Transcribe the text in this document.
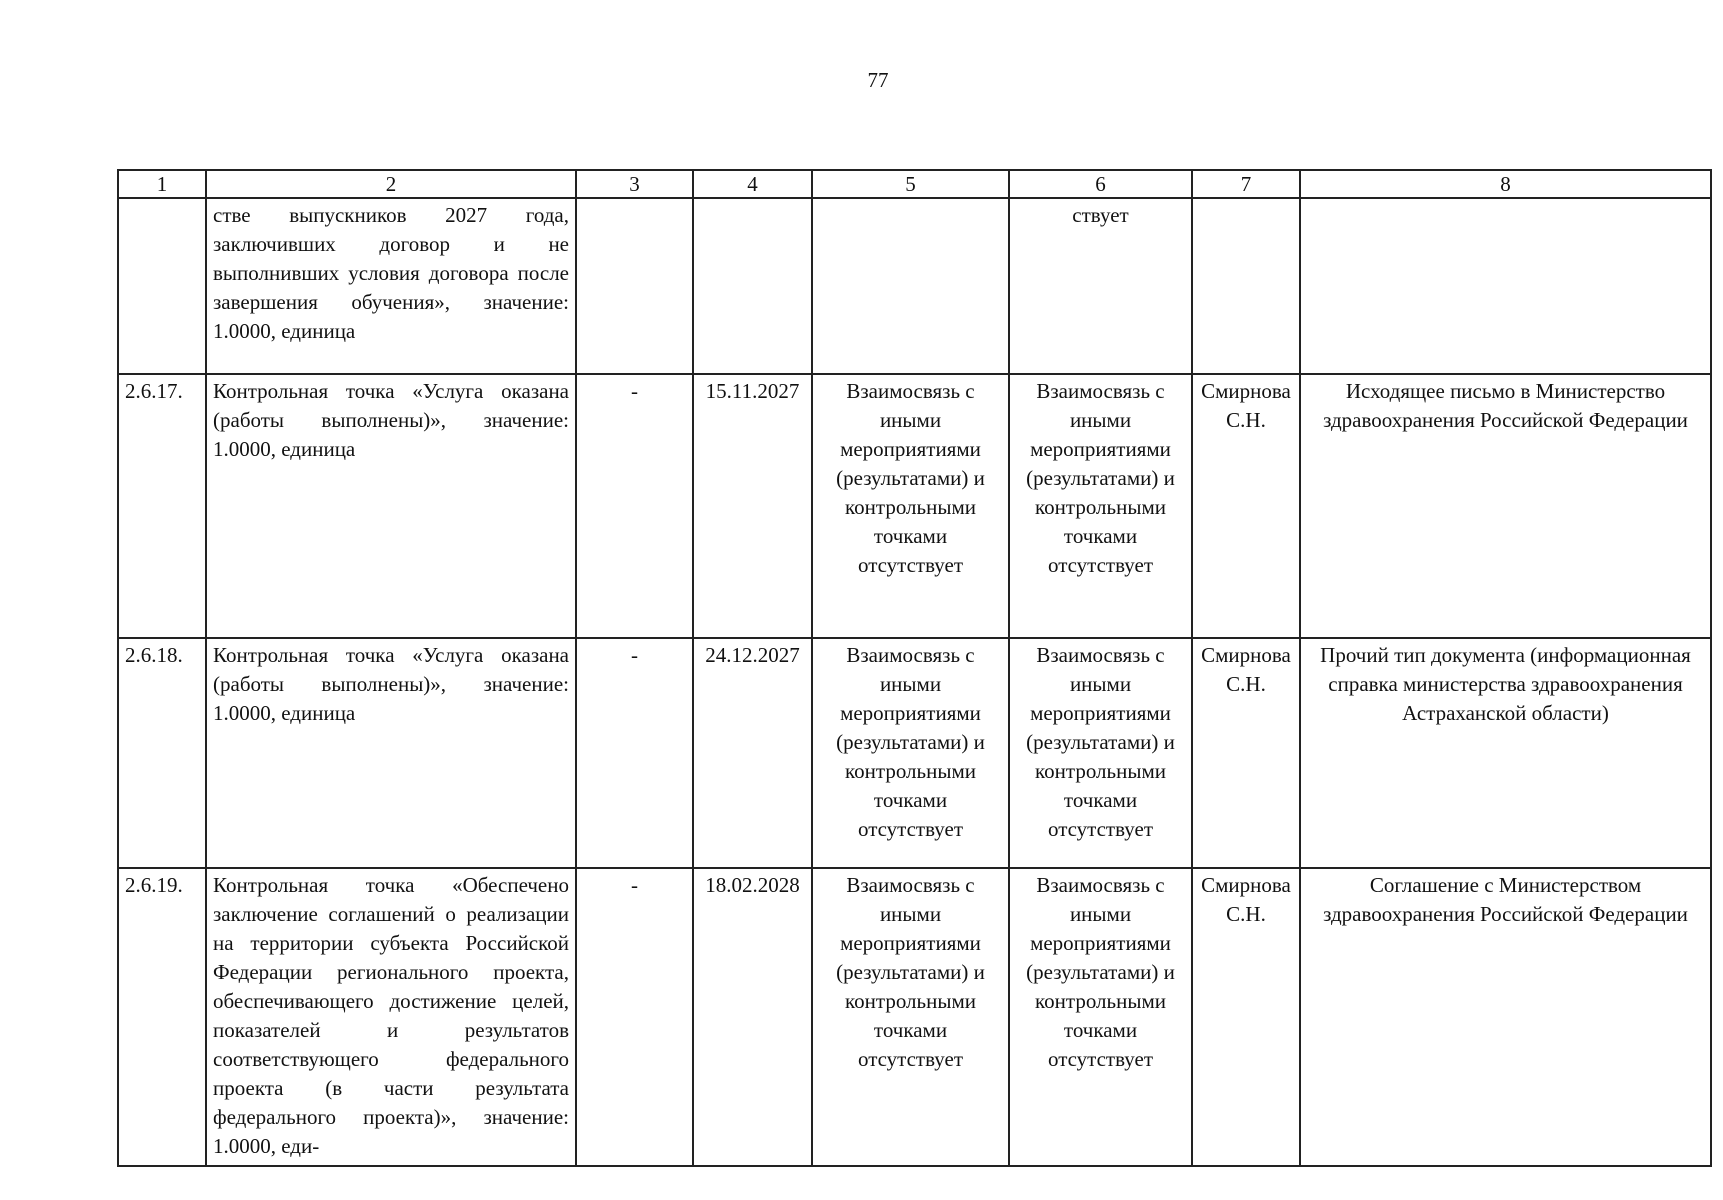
77
1	2	3	4	5	6	7	8
	стве выпускников 2027 года, заключивших договор и не выполнивших условия договора после завершения обучения», значение: 1.0000, единица				ствует		
2.6.17.	Контрольная точка «Услуга оказана (работы выполнены)», значение: 1.0000, единица	-	15.11.2027	Взаимосвязь с иными мероприятиями (результатами) и контрольными точками отсутствует	Взаимосвязь с иными мероприятиями (результатами) и контрольными точками отсутствует	Смирнова С.Н.	Исходящее письмо в Министерство здравоохранения Российской Федерации
2.6.18.	Контрольная точка «Услуга оказана (работы выполнены)», значение: 1.0000, единица	-	24.12.2027	Взаимосвязь с иными мероприятиями (результатами) и контрольными точками отсутствует	Взаимосвязь с иными мероприятиями (результатами) и контрольными точками отсутствует	Смирнова С.Н.	Прочий тип документа (информационная справка министерства здравоохранения Астраханской области)
2.6.19.	Контрольная точка «Обеспечено заключение соглашений о реализации на территории субъекта Российской Федерации регионального проекта, обеспечивающего достижение целей, показателей и результатов соответствующего федерального проекта (в части результата федерального проекта)», значение: 1.0000, еди-	-	18.02.2028	Взаимосвязь с иными мероприятиями (результатами) и контрольными точками отсутствует	Взаимосвязь с иными мероприятиями (результатами) и контрольными точками отсутствует	Смирнова С.Н.	Соглашение с Министерством здравоохранения Российской Федерации
